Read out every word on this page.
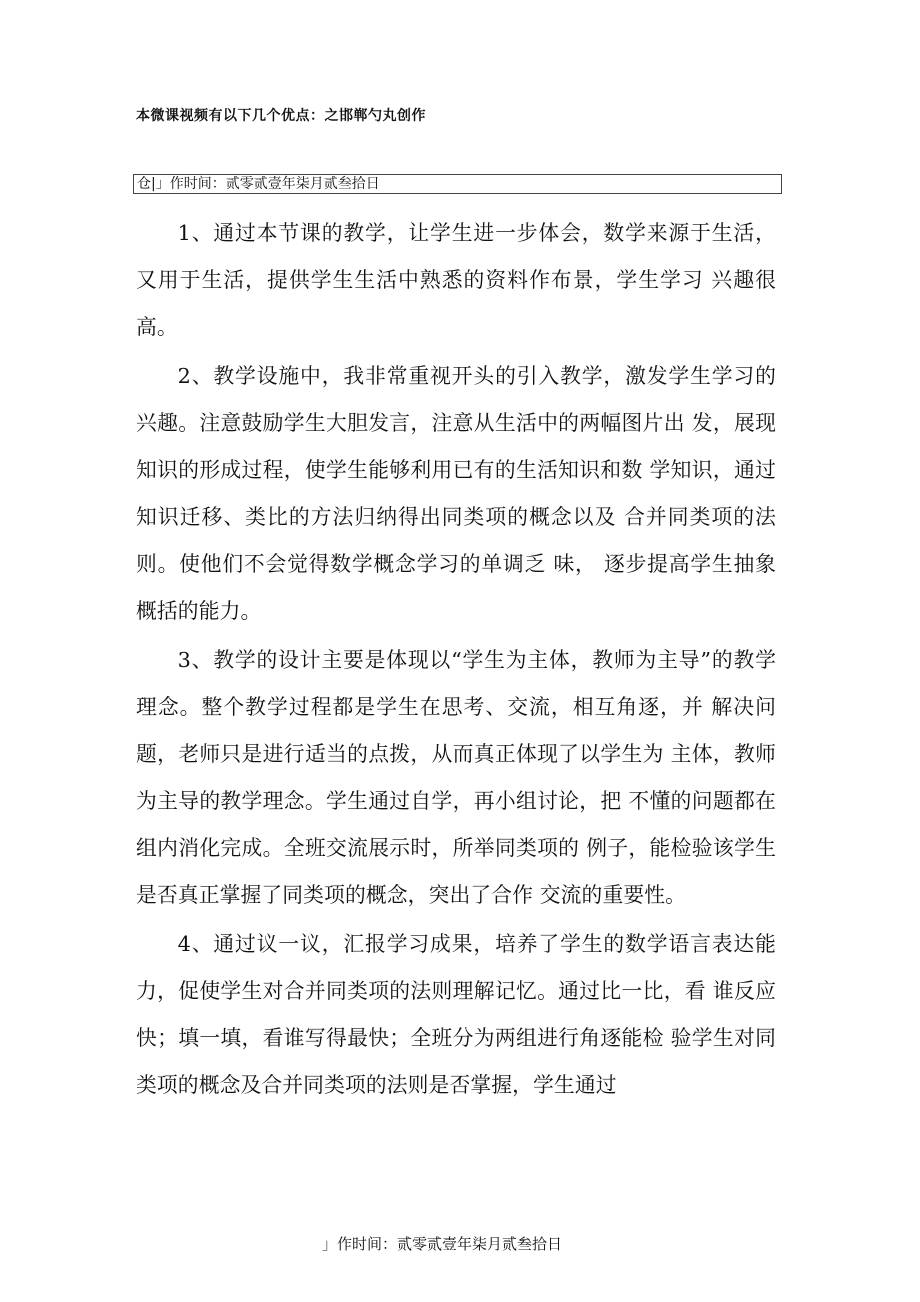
本微课视频有以下几个优点：之邯郸勺丸创作
仓|」作时间：贰零贰壹年柒月贰叁拾日

1、通过本节课的教学，让学生进一步体会，数学来源于生活，又用于生活，提供学生生活中熟悉的资料作布景，学生学习 兴趣很高。

2、教学设施中，我非常重视开头的引入教学，激发学生学习的兴趣。注意鼓励学生大胆发言，注意从生活中的两幅图片出 发，展现知识的形成过程，使学生能够利用已有的生活知识和数 学知识，通过知识迁移、类比的方法归纳得出同类项的概念以及 合并同类项的法则。使他们不会觉得数学概念学习的单调乏 味， 逐步提高学生抽象概括的能力。

3、教学的设计主要是体现以“学生为主体，教师为主导”的教学理念。整个教学过程都是学生在思考、交流，相互角逐，并 解决问题，老师只是进行适当的点拨，从而真正体现了以学生为 主体，教师为主导的教学理念。学生通过自学，再小组讨论，把 不懂的问题都在组内消化完成。全班交流展示时，所举同类项的 例子，能检验该学生是否真正掌握了同类项的概念，突出了合作 交流的重要性。

4、通过议一议，汇报学习成果，培养了学生的数学语言表达能力，促使学生对合并同类项的法则理解记忆。通过比一比，看 谁反应快；填一填，看谁写得最快；全班分为两组进行角逐能检 验学生对同类项的概念及合并同类项的法则是否掌握，学生通过

」作时间：贰零贰壹年柒月贰叁拾日
